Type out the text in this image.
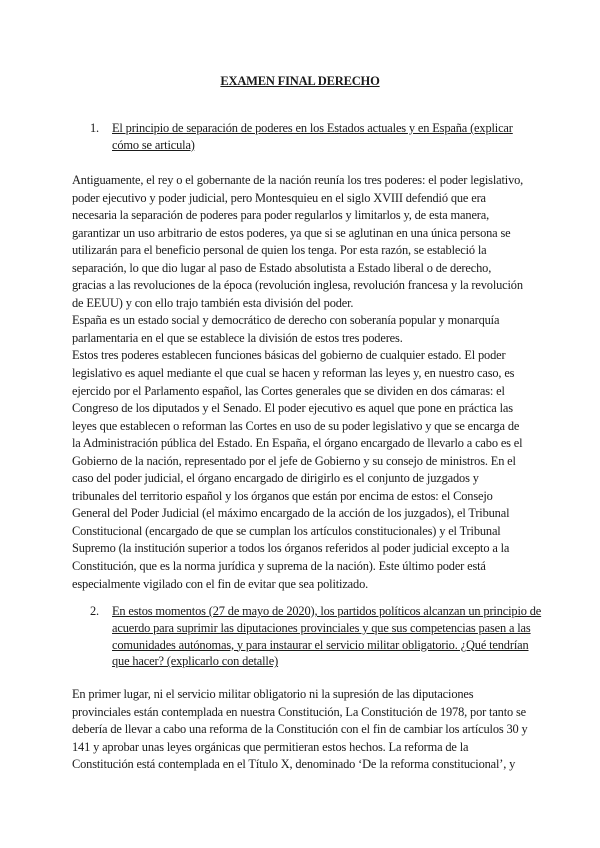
EXAMEN FINAL DERECHO
1. El principio de separación de poderes en los Estados actuales y en España (explicar cómo se articula)

Antiguamente, el rey o el gobernante de la nación reunía los tres poderes: el poder legislativo, poder ejecutivo y poder judicial, pero Montesquieu en el siglo XVIII defendió que era necesaria la separación de poderes para poder regularlos y limitarlos y, de esta manera, garantizar un uso arbitrario de estos poderes, ya que si se aglutinan en una única persona se utilizarán para el beneficio personal de quien los tenga. Por esta razón, se estableció la separación, lo que dio lugar al paso de Estado absolutista a Estado liberal o de derecho, gracias a las revoluciones de la época (revolución inglesa, revolución francesa y la revolución de EEUU) y con ello trajo también esta división del poder.

España es un estado social y democrático de derecho con soberanía popular y monarquía parlamentaria en el que se establece la división de estos tres poderes.

Estos tres poderes establecen funciones básicas del gobierno de cualquier estado. El poder legislativo es aquel mediante el que cual se hacen y reforman las leyes y, en nuestro caso, es ejercido por el Parlamento español, las Cortes generales que se dividen en dos cámaras: el Congreso de los diputados y el Senado. El poder ejecutivo es aquel que pone en práctica las leyes que establecen o reforman las Cortes en uso de su poder legislativo y que se encarga de la Administración pública del Estado. En España, el órgano encargado de llevarlo a cabo es el Gobierno de la nación, representado por el jefe de Gobierno y su consejo de ministros. En el caso del poder judicial, el órgano encargado de dirigirlo es el conjunto de juzgados y tribunales del territorio español y los órganos que están por encima de estos: el Consejo General del Poder Judicial (el máximo encargado de la acción de los juzgados), el Tribunal Constitucional (encargado de que se cumplan los artículos constitucionales) y el Tribunal Supremo (la institución superior a todos los órganos referidos al poder judicial excepto a la Constitución, que es la norma jurídica y suprema de la nación). Este último poder está especialmente vigilado con el fin de evitar que sea politizado.

2. En estos momentos (27 de mayo de 2020), los partidos políticos alcanzan un principio de acuerdo para suprimir las diputaciones provinciales y que sus competencias pasen a las comunidades autónomas, y para instaurar el servicio militar obligatorio. ¿Qué tendrían que hacer? (explicarlo con detalle)

En primer lugar, ni el servicio militar obligatorio ni la supresión de las diputaciones provinciales están contemplada en nuestra Constitución, La Constitución de 1978, por tanto se debería de llevar a cabo una reforma de la Constitución con el fin de cambiar los artículos 30 y 141 y aprobar unas leyes orgánicas que permitieran estos hechos. La reforma de la Constitución está contemplada en el Título X, denominado ‘De la reforma constitucional’, y
